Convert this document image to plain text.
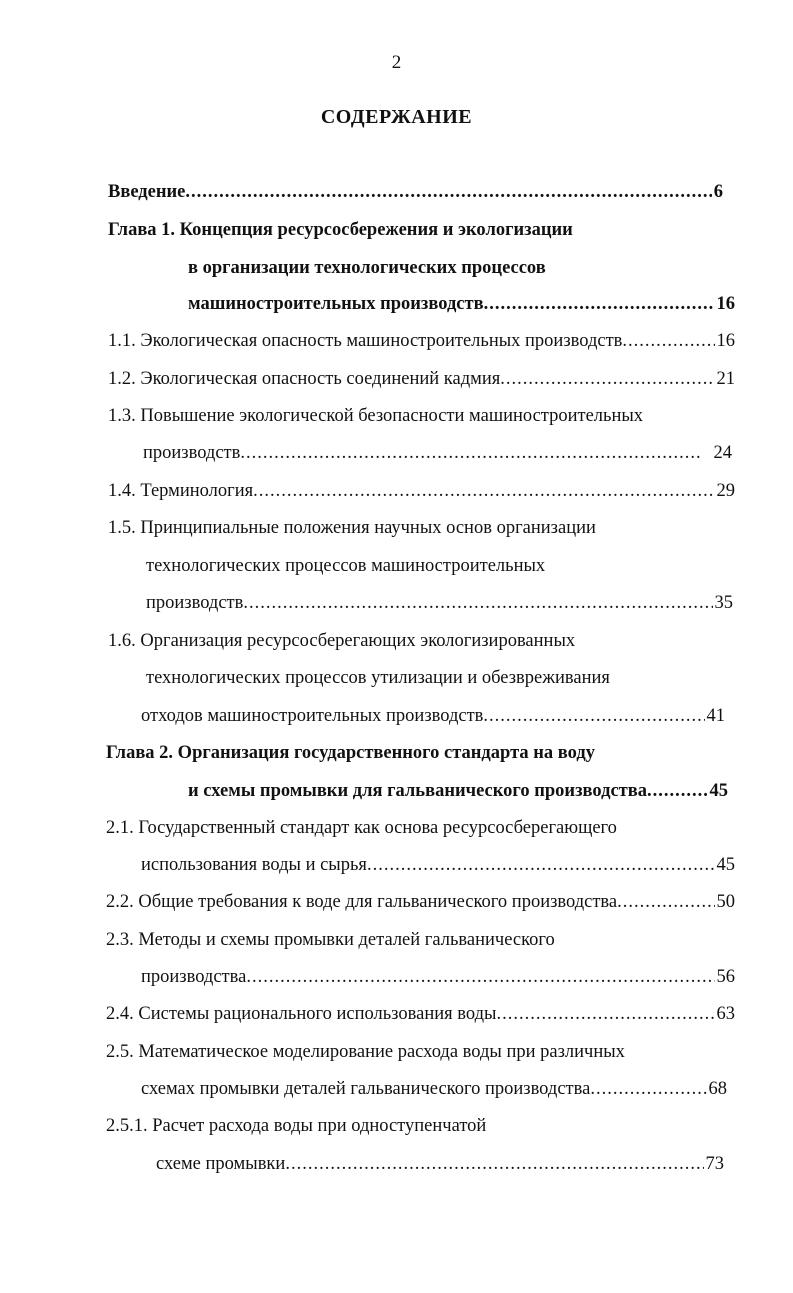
2
СОДЕРЖАНИЕ
Введение .....	6
Глава 1. Концепция ресурсосбережения и экологизации
в организации технологических процессов
машиностроительных производств .....	16
1.1. Экологическая опасность машиностроительных производств .....	16
1.2. Экологическая опасность соединений кадмия .....	21
1.3. Повышение экологической безопасности машиностроительных
производств .....	24
1.4. Терминология .....	29
1.5. Принципиальные положения научных основ организации
технологических процессов машиностроительных
производств .....	35
1.6. Организация ресурсосберегающих экологизированных
технологических процессов утилизации и обезвреживания
отходов машиностроительных производств .....	41
Глава 2. Организация государственного стандарта на воду
и схемы промывки для гальванического производства .....	45
2.1. Государственный стандарт как основа ресурсосберегающего
использования воды и сырья .....	45
2.2. Общие требования к воде для гальванического производства .....	50
2.3. Методы и схемы промывки деталей гальванического
производства .....	56
2.4. Системы рационального использования воды .....	63
2.5. Математическое моделирование расхода воды при различных
схемах промывки деталей гальванического производства .....	68
2.5.1. Расчет расхода воды при одноступенчатой
схеме промывки .....	73
